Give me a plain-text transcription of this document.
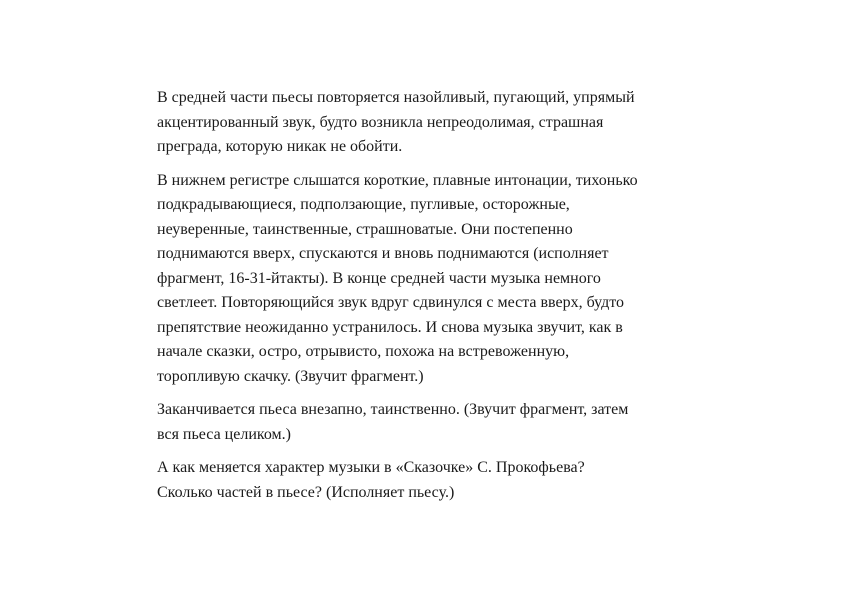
В средней части пьесы повторяется назойливый, пугающий, упрямый
акцентированный звук, будто возникла непреодолимая, страшная
преграда, которую никак не обойти.

В нижнем регистре слышатся короткие, плавные интонации, тихонько
подкрадывающиеся, подползающие, пугливые, осторожные,
неуверенные, таинственные, страшноватые. Они постепенно
поднимаются вверх, спускаются и вновь поднимаются (исполняет
фрагмент, 16-31-йтакты). В конце средней части музыка немного
светлеет. Повторяющийся звук вдруг сдвинулся с места вверх, будто
препятствие неожиданно устранилось. И снова музыка звучит, как в
начале сказки, остро, отрывисто, похожа на встревоженную,
торопливую скачку. (Звучит фрагмент.)

Заканчивается пьеса внезапно, таинственно. (Звучит фрагмент, затем
вся пьеса целиком.)

А как меняется характер музыки в «Сказочке» С. Прокофьева?
Сколько частей в пьесе? (Исполняет пьесу.)
